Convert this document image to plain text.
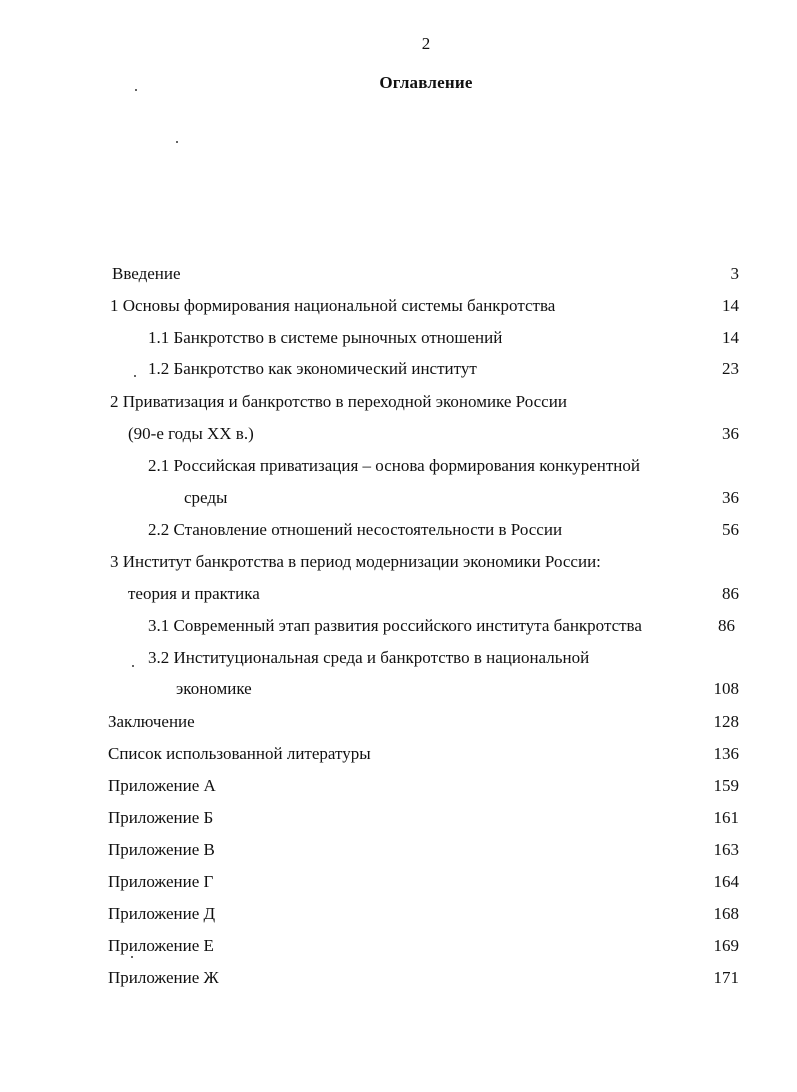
2
Оглавление
Введение	3
1 Основы формирования национальной системы банкротства	14
1.1 Банкротство в системе рыночных отношений	14
1.2 Банкротство как экономический институт	23
2 Приватизация и банкротство в переходной экономике России
(90-е годы XX в.)	36
2.1 Российская приватизация – основа формирования конкурентной
среды	36
2.2 Становление отношений несостоятельности в России	56
3 Институт банкротства в период модернизации экономики России:
теория и практика	86
3.1 Современный этап развития российского института банкротства	86
3.2 Институциональная среда и банкротство в национальной
экономике	108
Заключение	128
Список использованной литературы	136
Приложение А	159
Приложение Б	161
Приложение В	163
Приложение Г	164
Приложение Д	168
Приложение Е	169
Приложение Ж	171
